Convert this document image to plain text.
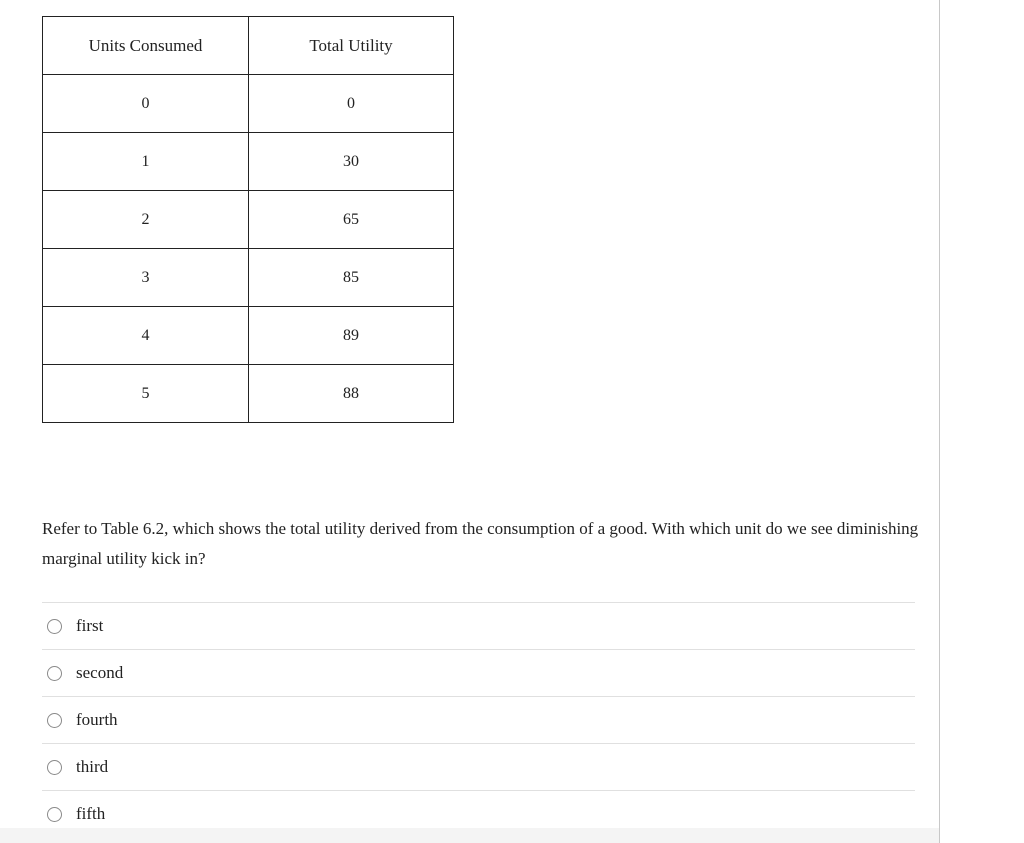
Units Consumed	Total Utility
0	0
1	30
2	65
3	85
4	89
5	88
Refer to Table 6.2, which shows the total utility derived from the consumption of a good. With which unit do we see diminishing marginal utility kick in?
first
second
fourth
third
fifth
